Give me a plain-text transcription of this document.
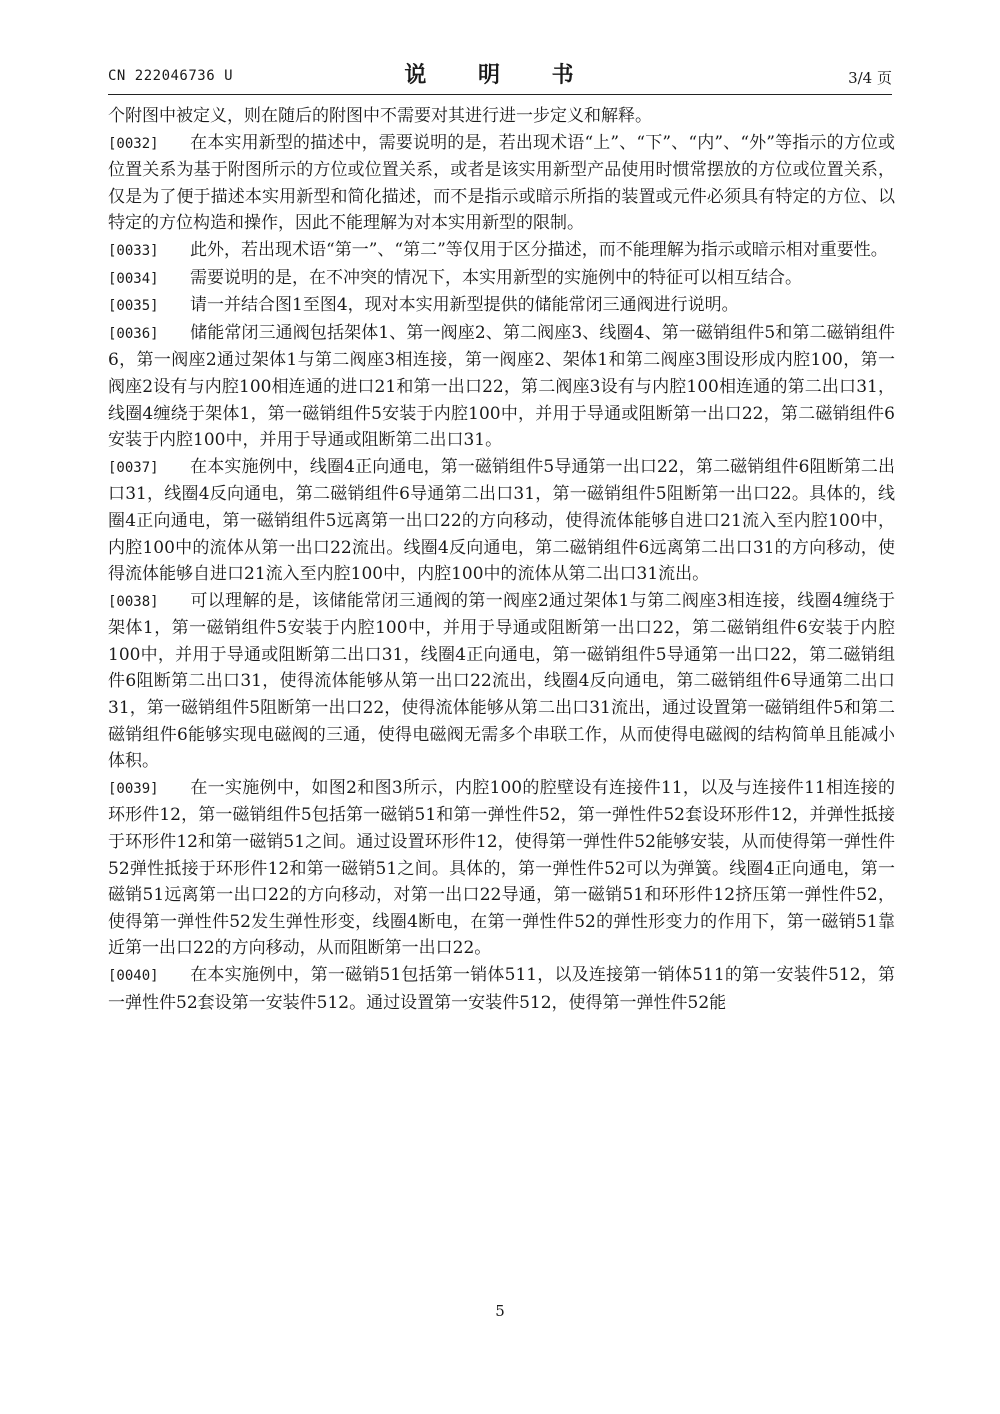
CN 222046736 U	说 明 书	3/4 页

个附图中被定义，则在随后的附图中不需要对其进行进一步定义和解释。

[0032] 在本实用新型的描述中，需要说明的是，若出现术语“上”、“下”、“内”、“外”等指示的方位或位置关系为基于附图所示的方位或位置关系，或者是该实用新型产品使用时惯常摆放的方位或位置关系，仅是为了便于描述本实用新型和简化描述，而不是指示或暗示所指的装置或元件必须具有特定的方位、以特定的方位构造和操作，因此不能理解为对本实用新型的限制。

[0033] 此外，若出现术语“第一”、“第二”等仅用于区分描述，而不能理解为指示或暗示相对重要性。

[0034] 需要说明的是，在不冲突的情况下，本实用新型的实施例中的特征可以相互结合。

[0035] 请一并结合图1至图4，现对本实用新型提供的储能常闭三通阀进行说明。

[0036] 储能常闭三通阀包括架体1、第一阀座2、第二阀座3、线圈4、第一磁销组件5和第二磁销组件6，第一阀座2通过架体1与第二阀座3相连接，第一阀座2、架体1和第二阀座3围设形成内腔100，第一阀座2设有与内腔100相连通的进口21和第一出口22，第二阀座3设有与内腔100相连通的第二出口31，线圈4缠绕于架体1，第一磁销组件5安装于内腔100中，并用于导通或阻断第一出口22，第二磁销组件6安装于内腔100中，并用于导通或阻断第二出口31。

[0037] 在本实施例中，线圈4正向通电，第一磁销组件5导通第一出口22，第二磁销组件6阻断第二出口31，线圈4反向通电，第二磁销组件6导通第二出口31，第一磁销组件5阻断第一出口22。具体的，线圈4正向通电，第一磁销组件5远离第一出口22的方向移动，使得流体能够自进口21流入至内腔100中，内腔100中的流体从第一出口22流出。线圈4反向通电，第二磁销组件6远离第二出口31的方向移动，使得流体能够自进口21流入至内腔100中，内腔100中的流体从第二出口31流出。

[0038] 可以理解的是，该储能常闭三通阀的第一阀座2通过架体1与第二阀座3相连接，线圈4缠绕于架体1，第一磁销组件5安装于内腔100中，并用于导通或阻断第一出口22，第二磁销组件6安装于内腔100中，并用于导通或阻断第二出口31，线圈4正向通电，第一磁销组件5导通第一出口22，第二磁销组件6阻断第二出口31，使得流体能够从第一出口22流出，线圈4反向通电，第二磁销组件6导通第二出口31，第一磁销组件5阻断第一出口22，使得流体能够从第二出口31流出，通过设置第一磁销组件5和第二磁销组件6能够实现电磁阀的三通，使得电磁阀无需多个串联工作，从而使得电磁阀的结构简单且能减小体积。

[0039] 在一实施例中，如图2和图3所示，内腔100的腔壁设有连接件11，以及与连接件11相连接的环形件12，第一磁销组件5包括第一磁销51和第一弹性件52，第一弹性件52套设环形件12，并弹性抵接于环形件12和第一磁销51之间。通过设置环形件12，使得第一弹性件52能够安装，从而使得第一弹性件52弹性抵接于环形件12和第一磁销51之间。具体的，第一弹性件52可以为弹簧。线圈4正向通电，第一磁销51远离第一出口22的方向移动，对第一出口22导通，第一磁销51和环形件12挤压第一弹性件52，使得第一弹性件52发生弹性形变，线圈4断电，在第一弹性件52的弹性形变力的作用下，第一磁销51靠近第一出口22的方向移动，从而阻断第一出口22。

[0040] 在本实施例中，第一磁销51包括第一销体511，以及连接第一销体511的第一安装件512，第一弹性件52套设第一安装件512。通过设置第一安装件512，使得第一弹性件52能

5
